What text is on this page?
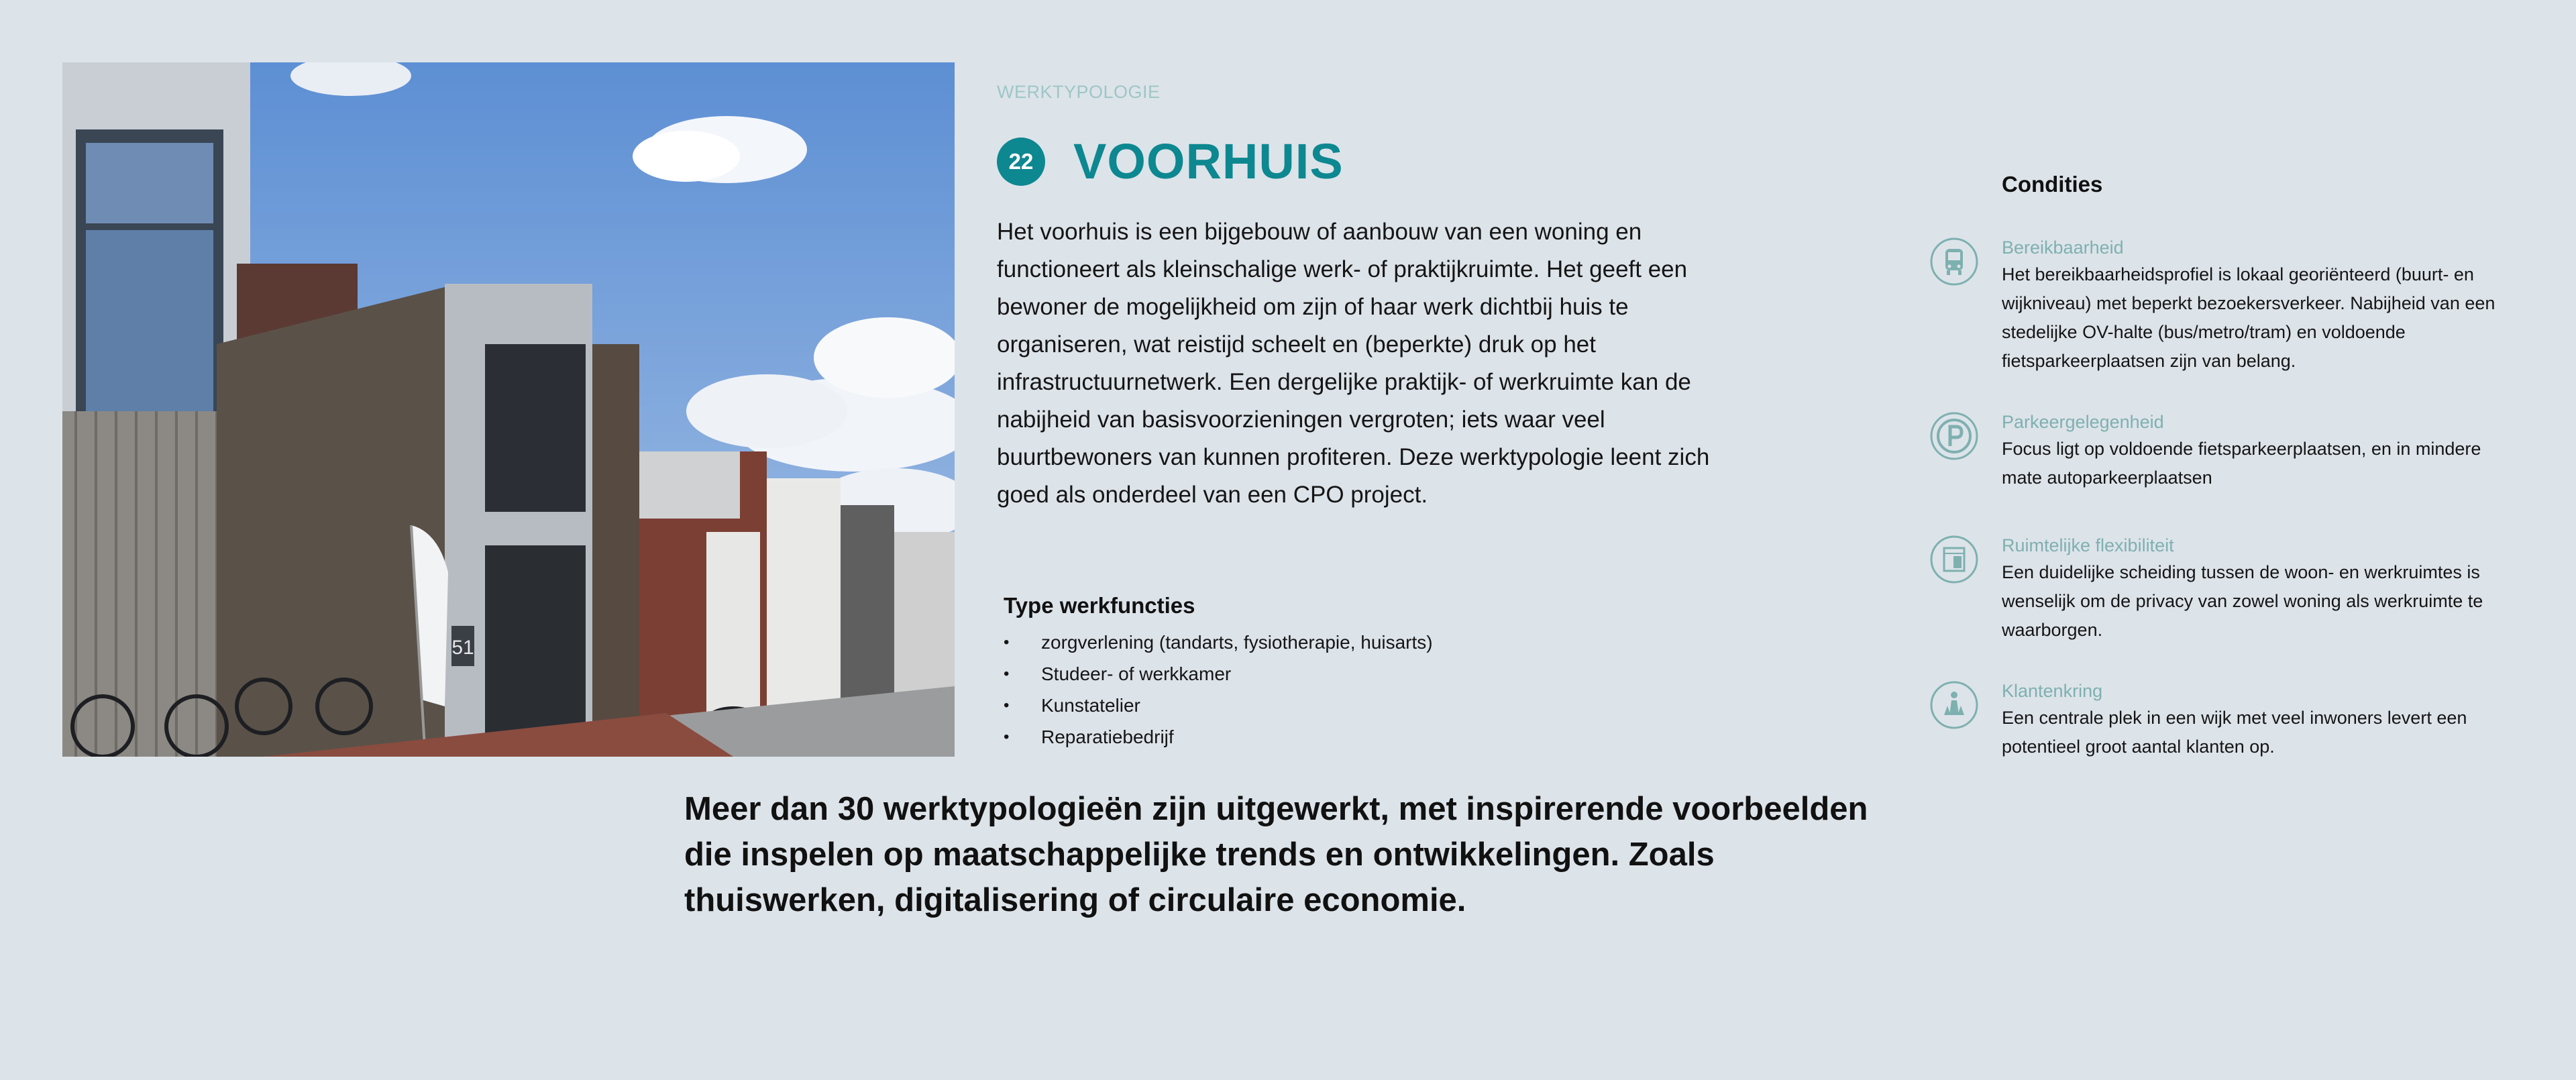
51
WERKTYPOLOGIE
22 VOORHUIS

Het voorhuis is een bijgebouw of aanbouw van een woning en functioneert als kleinschalige werk- of praktijkruimte. Het geeft een bewoner de mogelijkheid om zijn of haar werk dichtbij huis te organiseren, wat reistijd scheelt en (beperkte) druk op het infrastructuurnetwerk. Een dergelijke praktijk- of werkruimte kan de nabijheid van basisvoorzieningen vergroten; iets waar veel buurtbewoners van kunnen profiteren. Deze werktypologie leent zich goed als onderdeel van een CPO project.

Type werkfuncties
• zorgverlening (tandarts, fysiotherapie, huisarts)
• Studeer- of werkkamer
• Kunstatelier
• Reparatiebedrijf
Condities
Bereikbaarheid
Het bereikbaarheidsprofiel is lokaal georiënteerd (buurt- en wijkniveau) met beperkt bezoekersverkeer. Nabijheid van een stedelijke OV-halte (bus/metro/tram) en voldoende fietsparkeerplaatsen zijn van belang.
Parkeergelegenheid
Focus ligt op voldoende fietsparkeerplaatsen, en in mindere mate autoparkeerplaatsen
Ruimtelijke flexibiliteit
Een duidelijke scheiding tussen de woon- en werkruimtes is wenselijk om de privacy van zowel woning als werkruimte te waarborgen.
Klantenkring
Een centrale plek in een wijk met veel inwoners levert een potentieel groot aantal klanten op.

Meer dan 30 werktypologieën zijn uitgewerkt, met inspirerende voorbeelden die inspelen op maatschappelijke trends en ontwikkelingen. Zoals thuiswerken, digitalisering of circulaire economie.
